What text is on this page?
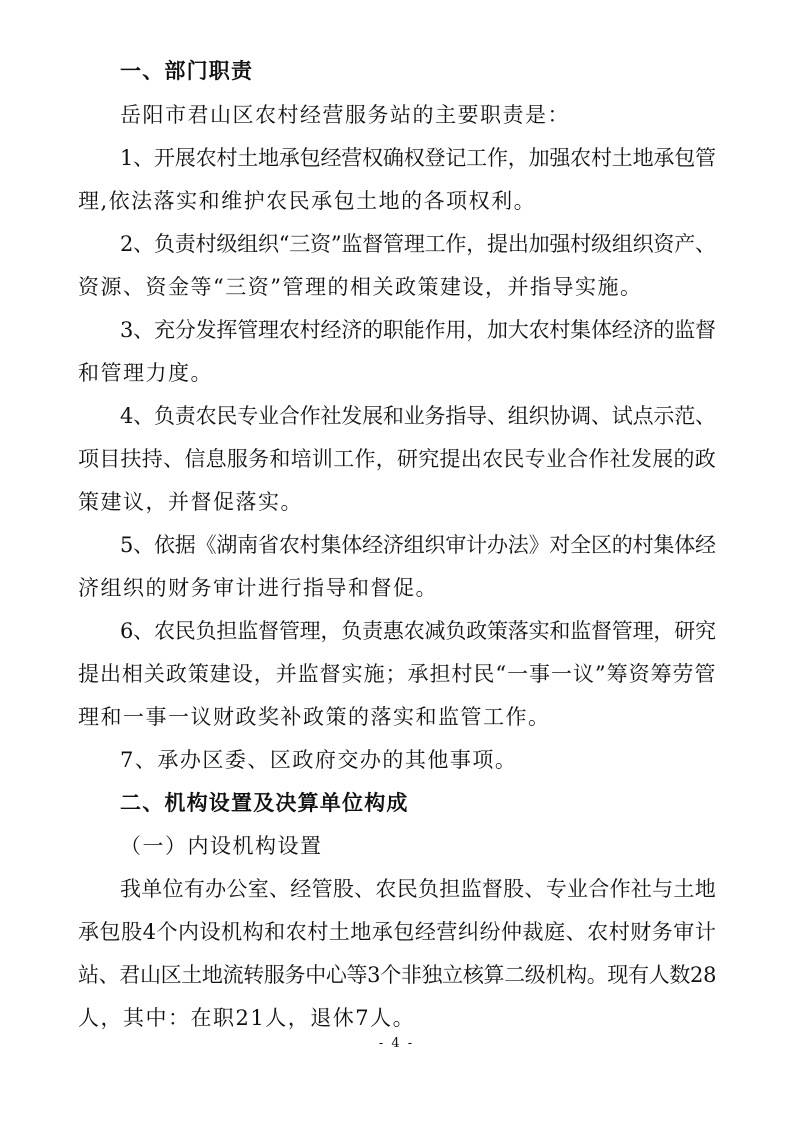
一、部门职责
岳阳市君山区农村经营服务站的主要职责是：
1、开展农村土地承包经营权确权登记工作，加强农村土地承包管
理,依法落实和维护农民承包土地的各项权利。
2、负责村级组织“三资”监督管理工作，提出加强村级组织资产、
资源、资金等“三资”管理的相关政策建设，并指导实施。
3、充分发挥管理农村经济的职能作用，加大农村集体经济的监督
和管理力度。
4、负责农民专业合作社发展和业务指导、组织协调、试点示范、
项目扶持、信息服务和培训工作，研究提出农民专业合作社发展的政
策建议，并督促落实。
5、依据《湖南省农村集体经济组织审计办法》对全区的村集体经
济组织的财务审计进行指导和督促。
6、农民负担监督管理，负责惠农减负政策落实和监督管理，研究
提出相关政策建设，并监督实施；承担村民“一事一议”筹资筹劳管
理和一事一议财政奖补政策的落实和监管工作。
7、承办区委、区政府交办的其他事项。
二、机构设置及决算单位构成
（一）内设机构设置
我单位有办公室、经管股、农民负担监督股、专业合作社与土地
承包股4个内设机构和农村土地承包经营纠纷仲裁庭、农村财务审计
站、君山区土地流转服务中心等3个非独立核算二级机构。现有人数28
人，其中：在职21人，退休7人。
- 4 -
